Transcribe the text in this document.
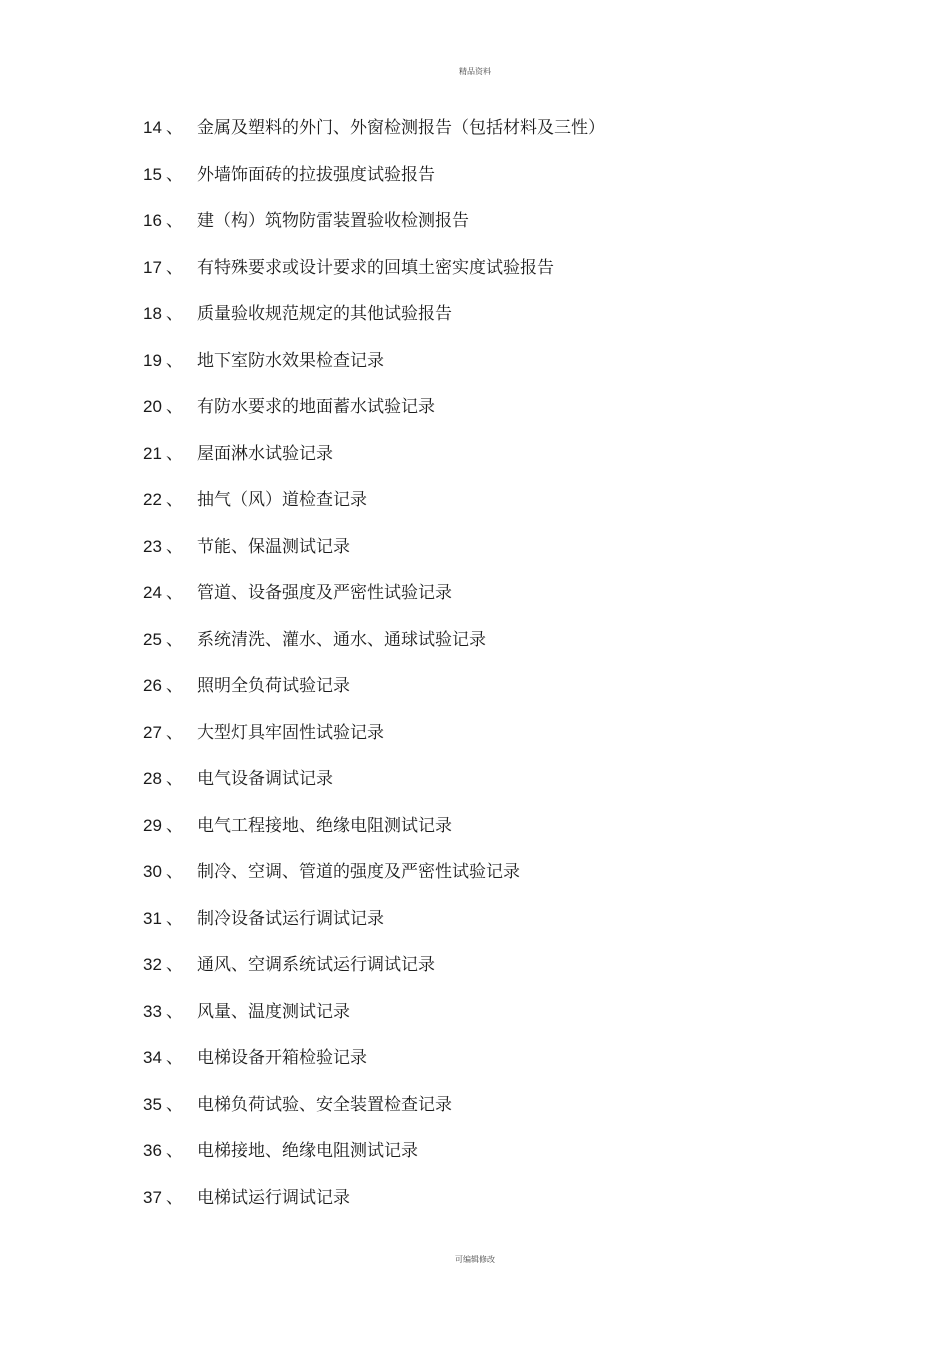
精品资料
14 、 金属及塑料的外门、外窗检测报告（包括材料及三性）
15 、 外墙饰面砖的拉拔强度试验报告
16 、 建（构）筑物防雷装置验收检测报告
17 、 有特殊要求或设计要求的回填土密实度试验报告
18 、 质量验收规范规定的其他试验报告
19 、 地下室防水效果检查记录
20 、 有防水要求的地面蓄水试验记录
21 、 屋面淋水试验记录
22 、 抽气（风）道检查记录
23 、 节能、保温测试记录
24 、 管道、设备强度及严密性试验记录
25 、 系统清洗、灌水、通水、通球试验记录
26 、 照明全负荷试验记录
27 、 大型灯具牢固性试验记录
28 、 电气设备调试记录
29 、 电气工程接地、绝缘电阻测试记录
30 、 制冷、空调、管道的强度及严密性试验记录
31 、 制冷设备试运行调试记录
32 、 通风、空调系统试运行调试记录
33 、 风量、温度测试记录
34 、 电梯设备开箱检验记录
35 、 电梯负荷试验、安全装置检查记录
36 、 电梯接地、绝缘电阻测试记录
37 、 电梯试运行调试记录
可编辑修改
